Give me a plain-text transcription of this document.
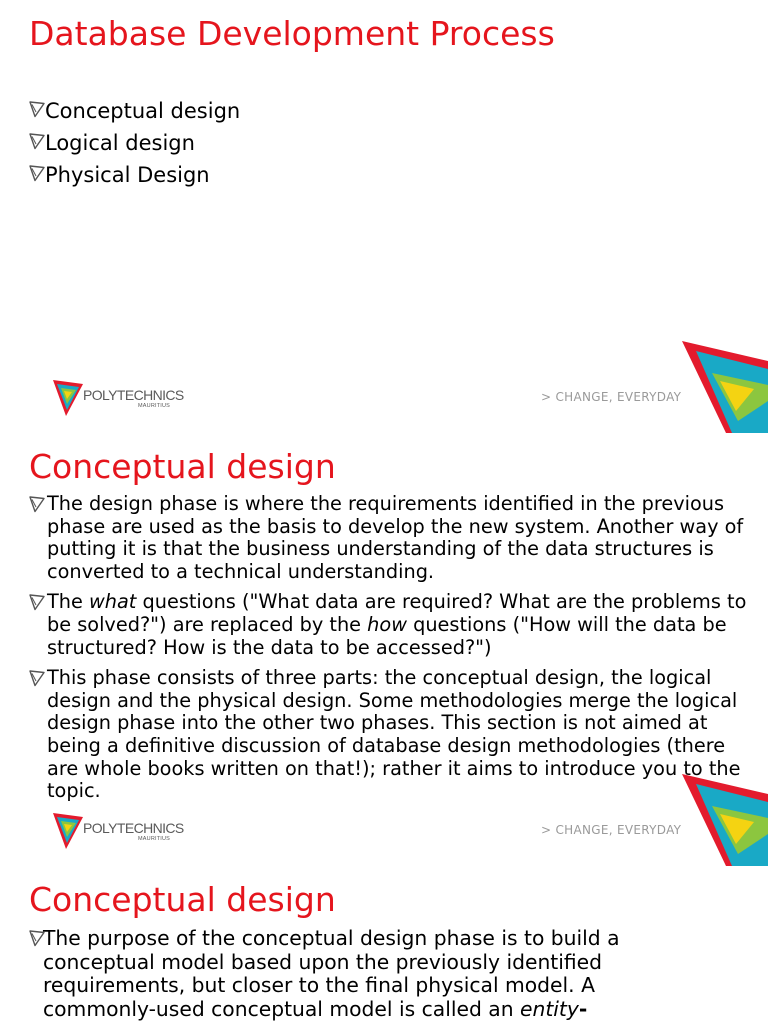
Database Development Process
Conceptual design
Logical design
Physical Design
POLYTECHNICS
MAURITIUS
> CHANGE, EVERYDAY
Conceptual design
POLYTECHNICS
MAURITIUS
> CHANGE, EVERYDAY
The design phase is where the requirements identified in the previous phase are used as the basis to develop the new system. Another way of putting it is that the business understanding of the data structures is converted to a technical understanding.
The what questions ("What data are required? What are the problems to be solved?") are replaced by the how questions ("How will the data be structured? How is the data to be accessed?")
This phase consists of three parts: the conceptual design, the logical design and the physical design. Some methodologies merge the logical design phase into the other two phases. This section is not aimed at being a definitive discussion of database design methodologies (there are whole books written on that!); rather it aims to introduce you to the topic.
Conceptual design
The purpose of the conceptual design phase is to build a conceptual model based upon the previously identified requirements, but closer to the final physical model. A commonly-used conceptual model is called an entity-
